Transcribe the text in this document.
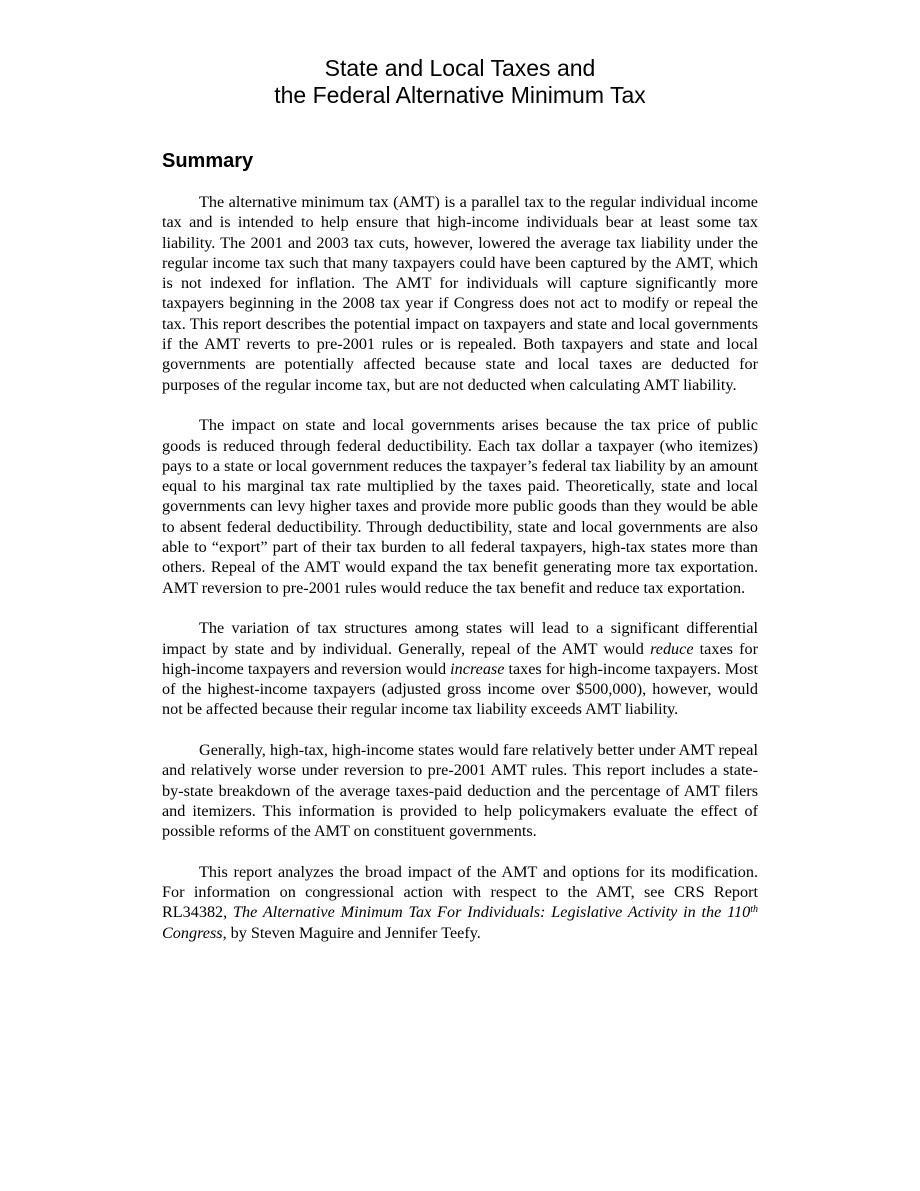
State and Local Taxes and
the Federal Alternative Minimum Tax
Summary

The alternative minimum tax (AMT) is a parallel tax to the regular individual income tax and is intended to help ensure that high-income individuals bear at least some tax liability. The 2001 and 2003 tax cuts, however, lowered the average tax liability under the regular income tax such that many taxpayers could have been captured by the AMT, which is not indexed for inflation. The AMT for individuals will capture significantly more taxpayers beginning in the 2008 tax year if Congress does not act to modify or repeal the tax. This report describes the potential impact on taxpayers and state and local governments if the AMT reverts to pre-2001 rules or is repealed. Both taxpayers and state and local governments are potentially affected because state and local taxes are deducted for purposes of the regular income tax, but are not deducted when calculating AMT liability.

The impact on state and local governments arises because the tax price of public goods is reduced through federal deductibility. Each tax dollar a taxpayer (who itemizes) pays to a state or local government reduces the taxpayer’s federal tax liability by an amount equal to his marginal tax rate multiplied by the taxes paid. Theoretically, state and local governments can levy higher taxes and provide more public goods than they would be able to absent federal deductibility. Through deductibility, state and local governments are also able to “export” part of their tax burden to all federal taxpayers, high-tax states more than others. Repeal of the AMT would expand the tax benefit generating more tax exportation. AMT reversion to pre-2001 rules would reduce the tax benefit and reduce tax exportation.

The variation of tax structures among states will lead to a significant differential impact by state and by individual. Generally, repeal of the AMT would reduce taxes for high-income taxpayers and reversion would increase taxes for high-income taxpayers. Most of the highest-income taxpayers (adjusted gross income over $500,000), however, would not be affected because their regular income tax liability exceeds AMT liability.

Generally, high-tax, high-income states would fare relatively better under AMT repeal and relatively worse under reversion to pre-2001 AMT rules. This report includes a state-by-state breakdown of the average taxes-paid deduction and the percentage of AMT filers and itemizers. This information is provided to help policymakers evaluate the effect of possible reforms of the AMT on constituent governments.

This report analyzes the broad impact of the AMT and options for its modification. For information on congressional action with respect to the AMT, see CRS Report RL34382, The Alternative Minimum Tax For Individuals: Legislative Activity in the 110th Congress, by Steven Maguire and Jennifer Teefy.
